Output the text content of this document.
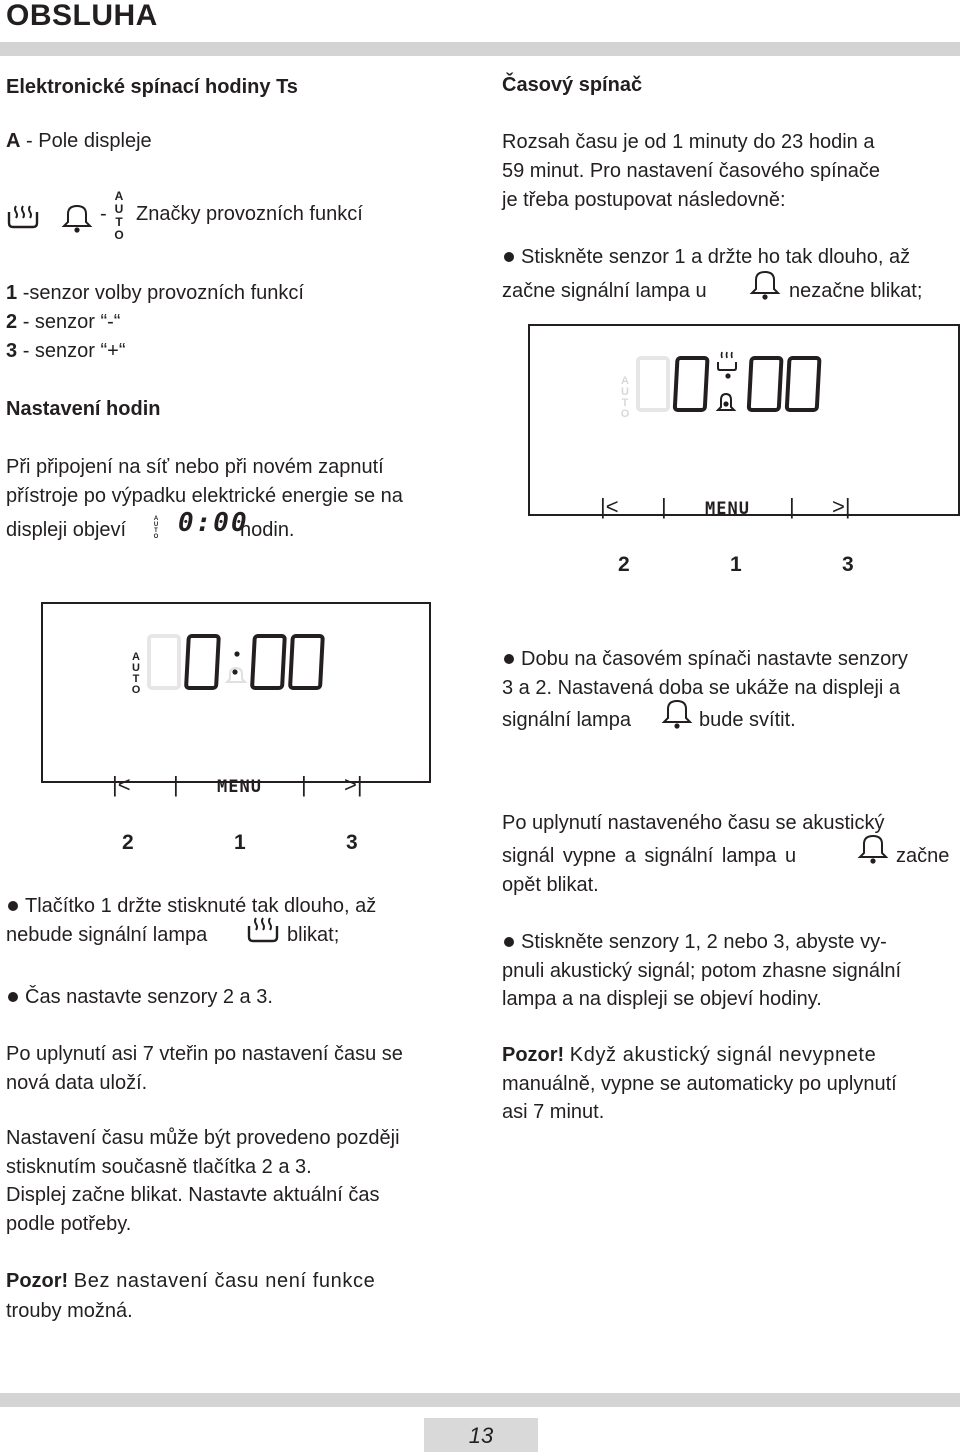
OBSLUHA
Elektronické spínací hodiny Ts
A - Pole displeje
-
A
U
T
O
Značky provozních funkcí
1 -senzor volby provozních funkcí
2 - senzor “-“
3 - senzor “+“
Nastavení hodin
Při připojení na síť nebo při novém zapnutí
přístroje po výpadku elektrické energie se na
displeji objeví	A
U
T
O 0:00
hodin.
A
U
T
O
|< | MENU | >|
2	1	3
Tlačítko 1 držte stisknuté tak dlouho, až
nebude signální lampa	blikat;
Čas nastavte senzory 2 a 3.
Po uplynutí asi 7 vteřin po nastavení času se
nová data uloží.
Nastavení času může být provedeno později
stisknutím současně tlačítka 2 a 3.
Displej začne blikat. Nastavte aktuální čas
podle potřeby.
Pozor! Bez nastavení času není funkce
trouby možná.
Časový spínač
Rozsah času je od 1 minuty do 23 hodin a
59 minut. Pro nastavení časového spínače
je třeba postupovat následovně:
Stiskněte senzor 1 a držte ho tak dlouho, až
začne signální lampa u	nezačne blikat;
A
U
T
O
|< | MENU | >|
2	1	3
Dobu na časovém spínači nastavte senzory
3 a 2. Nastavená doba se ukáže na displeji a
signální lampa	bude svítit.
Po uplynutí nastaveného času se akustický
signál vypne a signální lampa u	začne
opět blikat.
Stiskněte senzory 1, 2 nebo 3, abyste vy-
pnuli akustický signál; potom zhasne signální
lampa a na displeji se objeví hodiny.
Pozor! Když akustický signál nevypnete
manuálně, vypne se automaticky po uplynutí
asi 7 minut.
13
